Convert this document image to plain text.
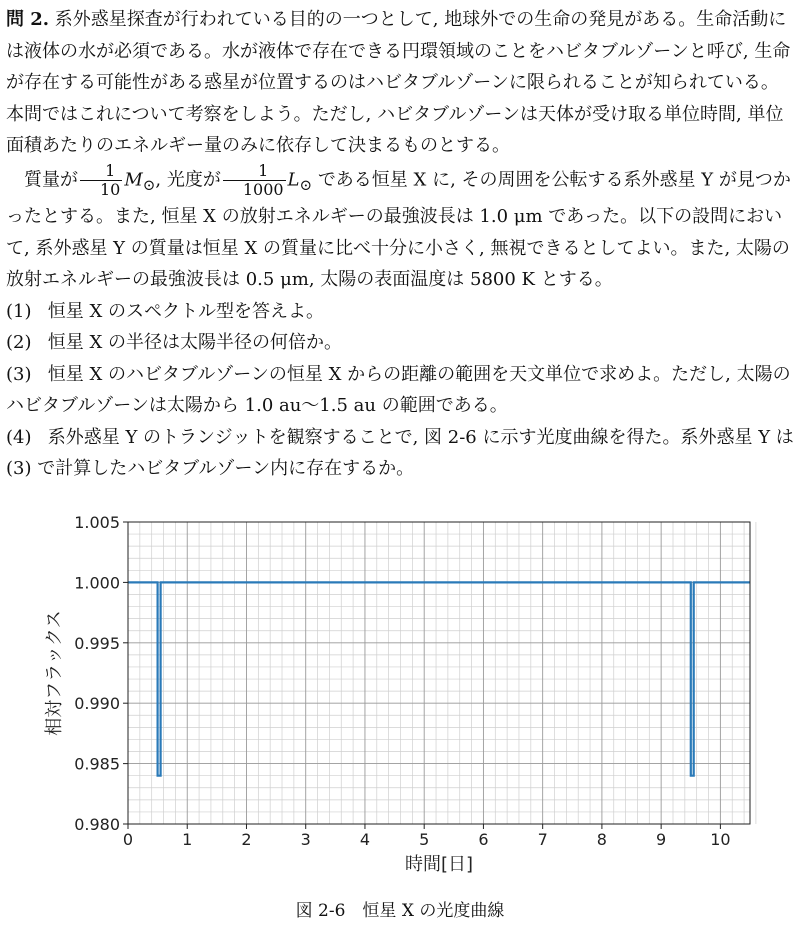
問 2. 系外惑星探査が行われている目的の一つとして, 地球外での生命の発見がある。生命活動には液体の水が必須である。水が液体で存在できる円環領域のことをハビタブルゾーンと呼び, 生命が存在する可能性がある惑星が位置するのはハビタブルゾーンに限られることが知られている。本問ではこれについて考察をしよう。ただし, ハビタブルゾーンは天体が受け取る単位時間, 単位面積あたりのエネルギー量のみに依存して決まるものとする。

質量が $\frac{1}{10} M_⊙$, 光度が $\frac{1}{1000} L_⊙$ である恒星 X に, その周囲を公転する系外惑星 Y が見つかったとする。また, 恒星 X の放射エネルギーの最強波長は 1.0 μm であった。以下の設問において, 系外惑星 Y の質量は恒星 X の質量に比べ十分に小さく, 無視できるとしてよい。また, 太陽の放射エネルギーの最強波長は 0.5 μm, 太陽の表面温度は 5800 K とする。

(1) 恒星 X のスペクトル型を答えよ。

(2) 恒星 X の半径は太陽半径の何倍か。

(3) 恒星 X のハビタブルゾーンの恒星 X からの距離の範囲を天文単位で求めよ。ただし, 太陽のハビタブルゾーンは太陽から 1.0 au〜1.5 au の範囲である。

(4) 系外惑星 Y のトランジットを観察することで, 図 2-6 に示す光度曲線を得た。系外惑星 Y は (3) で計算したハビタブルゾーン内に存在するか。

0	1	2	3	4	5	6	7	8	9	10
0.980
0.985
0.990
0.995
1.000
1.005
時間[日]
相対フラックス
図 2-6　恒星 X の光度曲線
